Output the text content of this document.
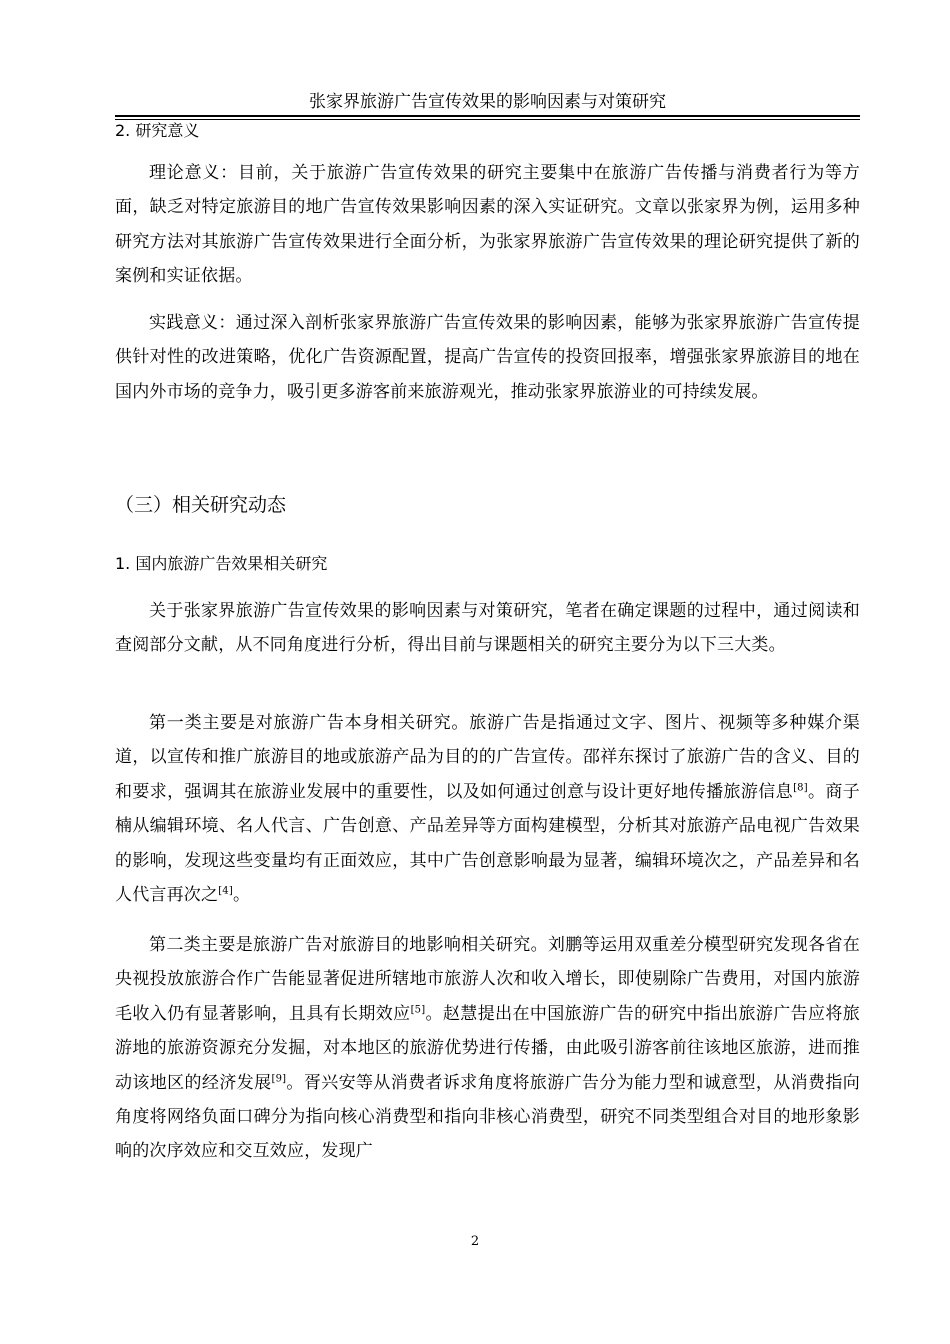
张家界旅游广告宣传效果的影响因素与对策研究
2. 研究意义

理论意义：目前，关于旅游广告宣传效果的研究主要集中在旅游广告传播与消费者行为等方面，缺乏对特定旅游目的地广告宣传效果影响因素的深入实证研究。文章以张家界为例，运用多种研究方法对其旅游广告宣传效果进行全面分析，为张家界旅游广告宣传效果的理论研究提供了新的案例和实证依据。

实践意义：通过深入剖析张家界旅游广告宣传效果的影响因素，能够为张家界旅游广告宣传提供针对性的改进策略，优化广告资源配置，提高广告宣传的投资回报率，增强张家界旅游目的地在国内外市场的竞争力，吸引更多游客前来旅游观光，推动张家界旅游业的可持续发展。

（三）相关研究动态
1. 国内旅游广告效果相关研究

关于张家界旅游广告宣传效果的影响因素与对策研究，笔者在确定课题的过程中，通过阅读和查阅部分文献，从不同角度进行分析，得出目前与课题相关的研究主要分为以下三大类。

第一类主要是对旅游广告本身相关研究。旅游广告是指通过文字、图片、视频等多种媒介渠道，以宣传和推广旅游目的地或旅游产品为目的的广告宣传。邵祥东探讨了旅游广告的含义、目的和要求，强调其在旅游业发展中的重要性，以及如何通过创意与设计更好地传播旅游信息[8]。商子楠从编辑环境、名人代言、广告创意、产品差异等方面构建模型，分析其对旅游产品电视广告效果的影响，发现这些变量均有正面效应，其中广告创意影响最为显著，编辑环境次之，产品差异和名人代言再次之[4]。

第二类主要是旅游广告对旅游目的地影响相关研究。刘鹏等运用双重差分模型研究发现各省在央视投放旅游合作广告能显著促进所辖地市旅游人次和收入增长，即使剔除广告费用，对国内旅游毛收入仍有显著影响，且具有长期效应[5]。赵慧提出在中国旅游广告的研究中指出旅游广告应将旅游地的旅游资源充分发掘，对本地区的旅游优势进行传播，由此吸引游客前往该地区旅游，进而推动该地区的经济发展[9]。胥兴安等从消费者诉求角度将旅游广告分为能力型和诚意型，从消费指向角度将网络负面口碑分为指向核心消费型和指向非核心消费型，研究不同类型组合对目的地形象影响的次序效应和交互效应，发现广

2
